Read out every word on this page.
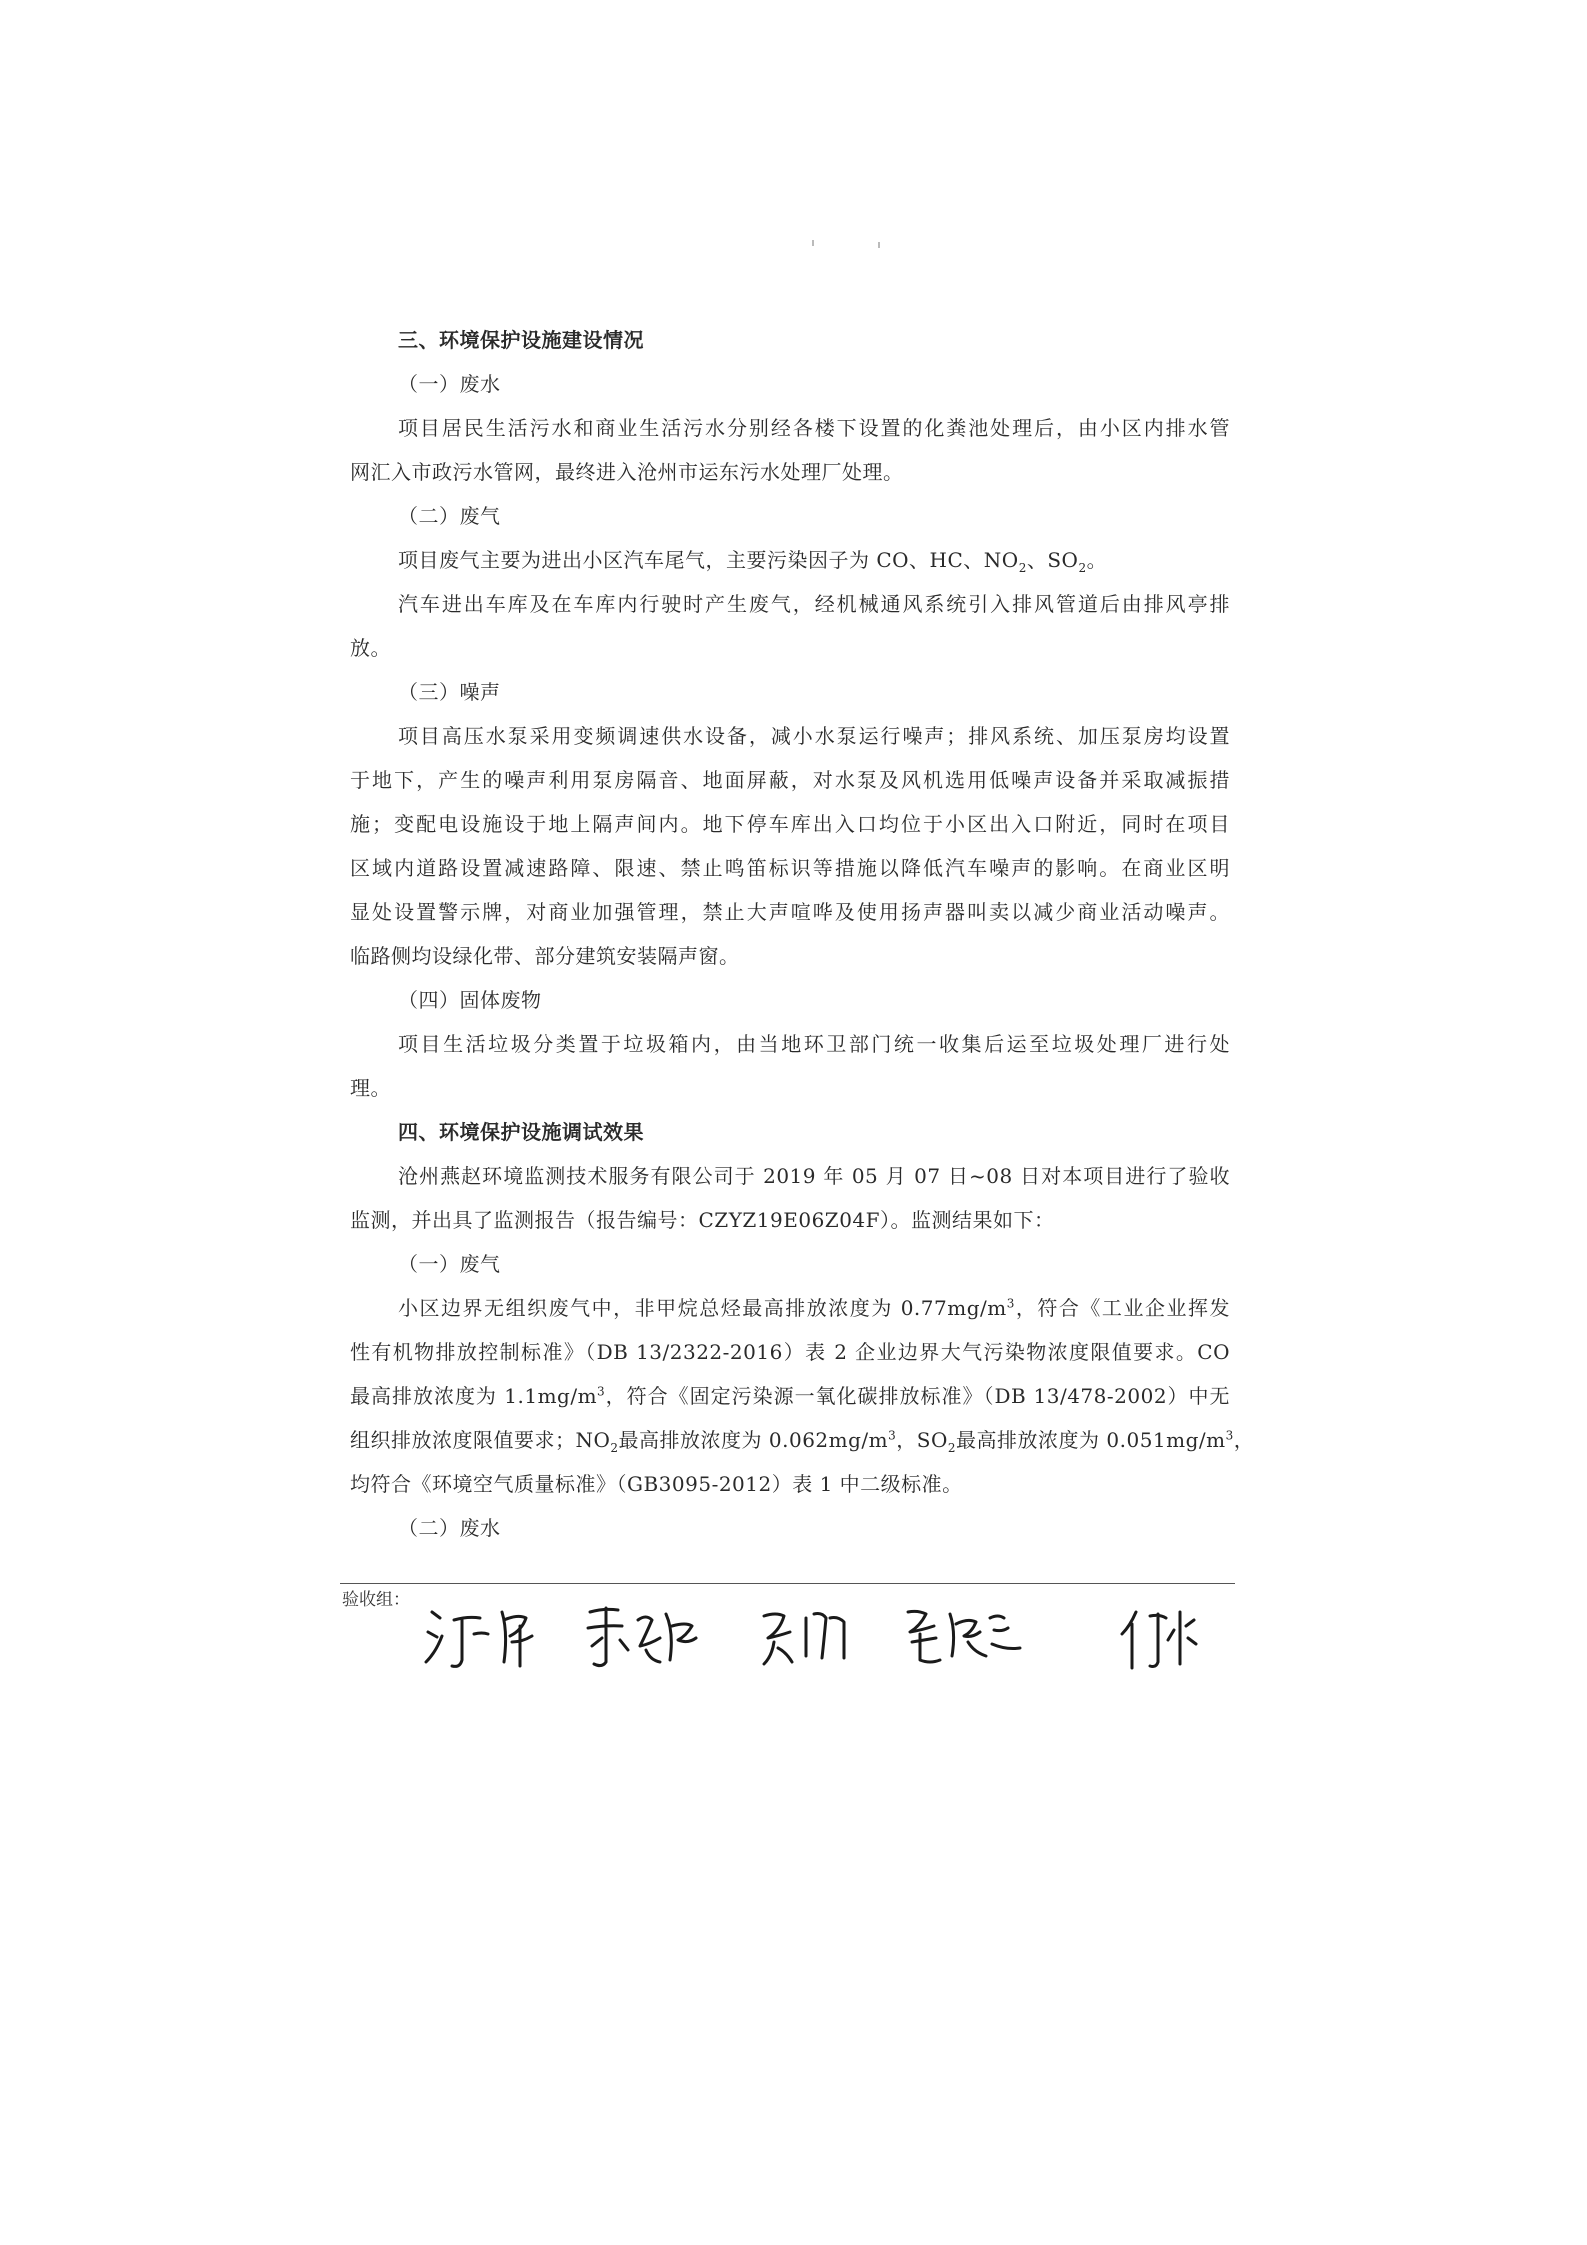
三、环境保护设施建设情况
（一）废水
项目居民生活污水和商业生活污水分别经各楼下设置的化粪池处理后，由小区内排水管
网汇入市政污水管网，最终进入沧州市运东污水处理厂处理。
（二）废气
项目废气主要为进出小区汽车尾气，主要污染因子为 CO、HC、$NO_2$、$SO_2$。
汽车进出车库及在车库内行驶时产生废气，经机械通风系统引入排风管道后由排风亭排
放。
（三）噪声
项目高压水泵采用变频调速供水设备，减小水泵运行噪声；排风系统、加压泵房均设置
于地下，产生的噪声利用泵房隔音、地面屏蔽，对水泵及风机选用低噪声设备并采取减振措
施；变配电设施设于地上隔声间内。地下停车库出入口均位于小区出入口附近，同时在项目
区域内道路设置减速路障、限速、禁止鸣笛标识等措施以降低汽车噪声的影响。在商业区明
显处设置警示牌，对商业加强管理，禁止大声喧哗及使用扬声器叫卖以减少商业活动噪声。
临路侧均设绿化带、部分建筑安装隔声窗。
（四）固体废物
项目生活垃圾分类置于垃圾箱内，由当地环卫部门统一收集后运至垃圾处理厂进行处
理。
四、环境保护设施调试效果
沧州燕赵环境监测技术服务有限公司于 2019 年 05 月 07 日~08 日对本项目进行了验收
监测，并出具了监测报告（报告编号：CZYZ19E06Z04F）。监测结果如下：
（一）废气
小区边界无组织废气中，非甲烷总烃最高排放浓度为 $0.77mg/m^3$，符合《工业企业挥发
性有机物排放控制标准》（DB 13/2322-2016）表 2 企业边界大气污染物浓度限值要求。CO
最高排放浓度为 $1.1mg/m^3$，符合《固定污染源一氧化碳排放标准》（DB 13/478-2002）中无
组织排放浓度限值要求；$NO_2$最高排放浓度为 $0.062mg/m^3$，$SO_2$最高排放浓度为 $0.051mg/m^3$，
均符合《环境空气质量标准》（GB3095-2012）表 1 中二级标准。
（二）废水
验收组：
